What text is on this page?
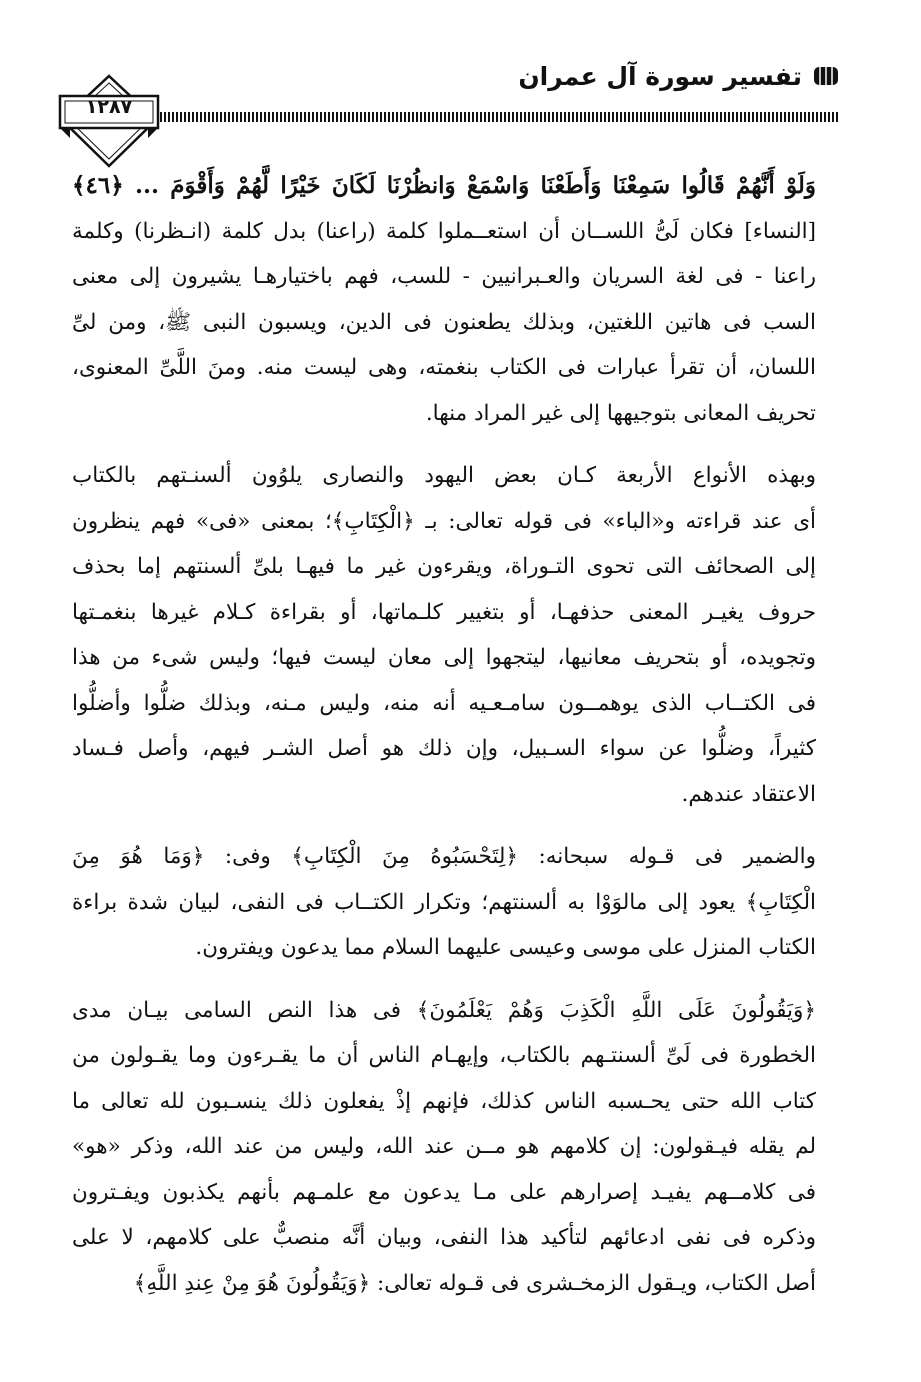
تفسير سورة آل عمران
١٢٨٧
وَلَوْ أَنَّهُمْ قَالُوا سَمِعْنَا وَأَطَعْنَا وَاسْمَعْ وَانظُرْنَا لَكَانَ خَيْرًا لَّهُمْ وَأَقْوَمَ ... ﴿٤٦﴾
[النساء] فكان لَىُّ اللســان أن استعــملوا كلمة (راعنا) بدل كلمة (انـظرنا) وكلمة
راعنا - فى لغة السريان والعـبرانيين - للسب، فهم باختيارهـا يشيرون إلى معنى
السب فى هاتين اللغتين، وبذلك يطعنون فى الدين، ويسبون النبى ﷺ، ومن لىِّ
اللسان، أن تقرأ عبارات فى الكتاب بنغمته، وهى ليست منه. ومنَ اللَّىِّ المعنوى،
تحريف المعانى بتوجيهها إلى غير المراد منها.
وبهذه الأنواع الأربعة كـان بعض اليهود والنصارى يلوُون ألسنـتهم بالكتاب
أى عند قراءته و«الباء» فى قوله تعالى: بـ ﴿الْكِتَابِ﴾؛ بمعنى «فى» فهم ينظرون
إلى الصحائف التى تحوى التـوراة، ويقرءون غير ما فيهـا بلىِّ ألسنتهم إما بحذف
حروف يغيـر المعنى حذفهـا، أو بتغيير كلـماتها، أو بقراءة كـلام غيرها بنغمـتها
وتجويده، أو بتحريف معانيها، ليتجهوا إلى معان ليست فيها؛ وليس شىء من هذا
فى الكتــاب الذى يوهمــون سامـعـيه أنه منه، وليس مـنه، وبذلك ضلُّوا وأضلُّوا
كثيراً، وضلُّوا عن سواء السـبيل، وإن ذلك هو أصل الشـر فيهم، وأصل فـساد
الاعتقاد عندهم.
والضمير فى قـوله سبحانه: ﴿لِتَحْسَبُوهُ مِنَ الْكِتَابِ﴾ وفى: ﴿وَمَا هُوَ مِنَ
الْكِتَابِ﴾ يعود إلى مالوَوْا به ألسنتهم؛ وتكرار الكتــاب فى النفى، لبيان شدة براءة
الكتاب المنزل على موسى وعيسى عليهما السلام مما يدعون ويفترون.
﴿وَيَقُولُونَ عَلَى اللَّهِ الْكَذِبَ وَهُمْ يَعْلَمُونَ﴾ فى هذا النص السامى بيـان مدى
الخطورة فى لَىِّ ألسنتـهم بالكتاب، وإيهـام الناس أن ما يقـرءون وما يقـولون من
كتاب الله حتى يحـسبه الناس كذلك، فإنهم إذْ يفعلون ذلك ينسـبون لله تعالى ما
لم يقله فيـقولون: إن كلامهم هو مــن عند الله، وليس من عند الله، وذكر «هو»
فى كلامــهم يفيـد إصرارهم على مـا يدعون مع علمـهم بأنهم يكذبون ويفـترون
وذكره فى نفى ادعائهم لتأكيد هذا النفى، وبيان أنَّه منصبٌّ على كلامهم، لا على
أصل الكتاب، ويـقول الزمخـشرى فى قـوله تعالى: ﴿وَيَقُولُونَ هُوَ مِنْ عِندِ اللَّهِ﴾
